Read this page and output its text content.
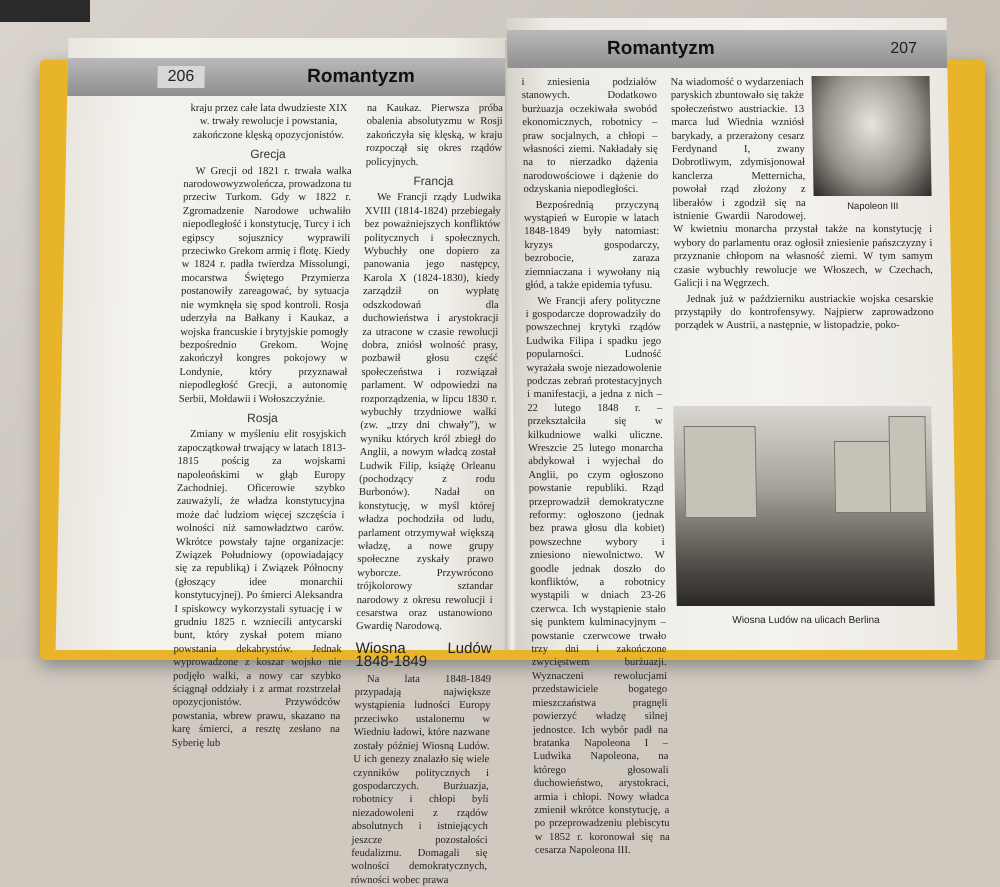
206	Romantyzm

kraju przez całe lata dwudzieste XIX w. trwały rewolucje i powstania, zakończone klęską opozycjonistów.

Grecja

W Grecji od 1821 r. trwała walka narodowowyzwoleńcza, prowadzona tu przeciw Turkom. Gdy w 1822 r. Zgromadzenie Narodowe uchwaliło niepodległość i konstytucję, Turcy i ich egipscy sojusznicy wyprawili przeciwko Grekom armię i flotę. Kiedy w 1824 r. padła twierdza Missolungi, mocarstwa Świętego Przymierza postanowiły zareagować, by sytuacja nie wymknęła się spod kontroli. Rosja uderzyła na Bałkany i Kaukaz, a wojska francuskie i brytyjskie pomogły bezpośrednio Grekom. Wojnę zakończył kongres pokojowy w Londynie, który przyznawał niepodległość Grecji, a autonomię Serbii, Mołdawii i Wołoszczyźnie.

Rosja

Zmiany w myśleniu elit rosyjskich zapoczątkował trwający w latach 1813-1815 pościg za wojskami napoleońskimi w głąb Europy Zachodniej. Oficerowie szybko zauważyli, że władza konstytucyjna może dać ludziom więcej szczęścia i wolności niż samowładztwo carów. Wkrótce powstały tajne organizacje: Związek Południowy (opowiadający się za republiką) i Związek Północny (głoszący idee monarchii konstytucyjnej). Po śmierci Aleksandra I spiskowcy wykorzystali sytuację i w grudniu 1825 r. wzniecili antycarski bunt, który zyskał potem miano powstania dekabrystów. Jednak wyprowadzone z koszar wojsko nie podjęło walki, a nowy car szybko ściągnął oddziały i z armat rozstrzelał opozycjonistów. Przywódców powstania, wbrew prawu, skazano na karę śmierci, a resztę zesłano na Syberię lub

na Kaukaz. Pierwsza próba obalenia absolutyzmu w Rosji zakończyła się klęską, w kraju rozpoczął się okres rządów policyjnych.

Francja

We Francji rządy Ludwika XVIII (1814-1824) przebiegały bez poważniejszych konfliktów politycznych i społecznych. Wybuchły one dopiero za panowania jego następcy, Karola X (1824-1830), kiedy zarządził on wypłatę odszkodowań dla duchowieństwa i arystokracji za utracone w czasie rewolucji dobra, zniósł wolność prasy, pozbawił głosu część społeczeństwa i rozwiązał parlament. W odpowiedzi na rozporządzenia, w lipcu 1830 r. wybuchły trzydniowe walki (zw. „trzy dni chwały”), w wyniku których król zbiegł do Anglii, a nowym władcą został Ludwik Filip, książę Orleanu (pochodzący z rodu Burbonów). Nadał on konstytucję, w myśl której władza pochodziła od ludu, parlament otrzymywał większą władzę, a nowe grupy społeczne zyskały prawo wyborcze. Przywrócono trójkolorowy sztandar narodowy z okresu rewolucji i cesarstwa oraz ustanowiono Gwardię Narodową.

Wiosna Ludów 1848-1849

Na lata 1848-1849 przypadają największe wystąpienia ludności Europy przeciwko ustalonemu w Wiedniu ładowi, które nazwane zostały później Wiosną Ludów. U ich genezy znalazło się wiele czynników politycznych i gospodarczych. Burżuazja, robotnicy i chłopi byli niezadowoleni z rządów absolutnych i istniejących jeszcze pozostałości feudalizmu. Domagali się wolności demokratycznych, równości wobec prawa

Romantyzm	207

i zniesienia podziałów stanowych. Dodatkowo burżuazja oczekiwała swobód ekonomicznych, robotnicy – praw socjalnych, a chłopi – własności ziemi. Nakładały się na to nierzadko dążenia narodowościowe i dążenie do odzyskania niepodległości.

Bezpośrednią przyczyną wystąpień w Europie w latach 1848-1849 były natomiast: kryzys gospodarczy, bezrobocie, zaraza ziemniaczana i wywołany nią głód, a także epidemia tyfusu.

We Francji afery polityczne i gospodarcze doprowadziły do powszechnej krytyki rządów Ludwika Filipa i spadku jego popularności. Ludność wyrażała swoje niezadowolenie podczas zebrań protestacyjnych i manifestacji, a jedna z nich – 22 lutego 1848 r. – przekształciła się w kilkudniowe walki uliczne. Wreszcie 25 lutego monarcha abdykował i wyjechał do Anglii, po czym ogłoszono powstanie republiki. Rząd przeprowadził demokratyczne reformy: ogłoszono (jednak bez prawa głosu dla kobiet) powszechne wybory i zniesiono niewolnictwo. W goodle jednak doszło do konfliktów, a robotnicy wystąpili w dniach 23-26 czerwca. Ich wystąpienie stało się punktem kulminacyjnym – powstanie czerwcowe trwało trzy dni i zakończone zwycięstwem burżuazji. Wyznaczeni rewolucjami przedstawiciele bogatego mieszczaństwa pragnęli powierzyć władzę silnej jednostce. Ich wybór padł na bratanka Napoleona I – Ludwika Napoleona, na którego głosowali duchowieństwo, arystokraci, armia i chłopi. Nowy władca zmienił wkrótce konstytucję, a po przeprowadzeniu plebiscytu w 1852 r. koronował się na cesarza Napoleona III.

Napoleon III

Na wiadomość o wydarzeniach paryskich zbuntowało się także społeczeństwo austriackie. 13 marca lud Wiednia wzniósł barykady, a przerażony cesarz Ferdynand I, zwany Dobrotliwym, zdymisjonował kanclerza Metternicha, powołał rząd złożony z liberałów i zgodził się na istnienie Gwardii Narodowej. W kwietniu monarcha przystał także na konstytucję i wybory do parlamentu oraz ogłosił zniesienie pańszczyzny i przyznanie chłopom na własność ziemi. W tym samym czasie wybuchły rewolucje we Włoszech, w Czechach, Galicji i na Węgrzech.

Jednak już w październiku austriackie wojska cesarskie przystąpiły do kontrofensywy. Najpierw zaprowadzono porządek w Austrii, a następnie, w listopadzie, poko-

Wiosna Ludów na ulicach Berlina
